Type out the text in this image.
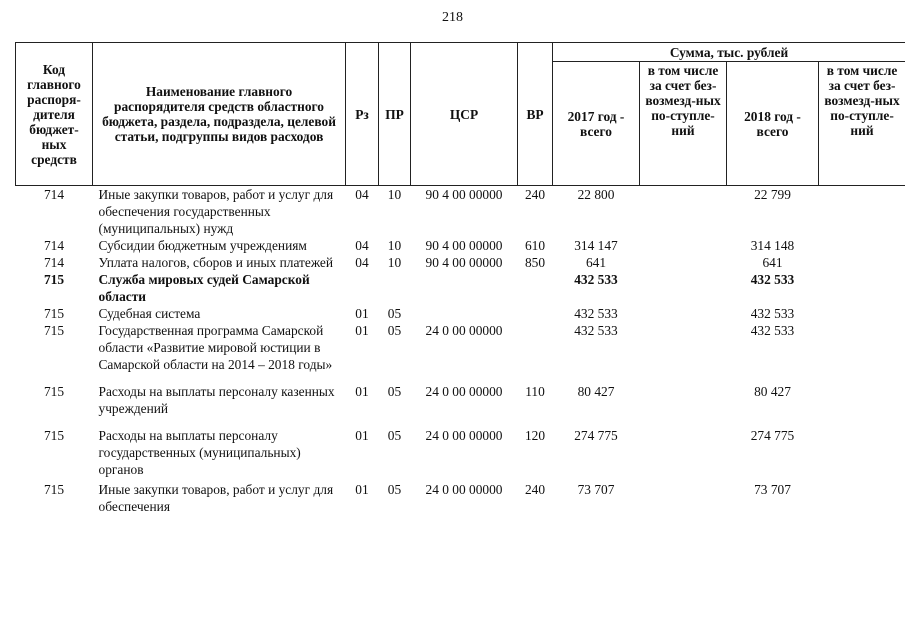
218
Код главного распоря-дителя бюджет-ных средств	Наименование главного распорядителя средств областного бюджета, раздела, подраздела, целевой статьи, подгруппы видов расходов	Рз	ПР	ЦСР	ВР	Сумма, тыс. рублей			
						2017 год - всего	в том числе за счет без-возмезд-ных по-ступле-ний	2018 год - всего	в том числе за счет без-возмезд-ных по-ступле-ний
714	Иные закупки товаров, работ и услуг для обеспечения государственных (муниципальных) нужд	04	10	90 4 00 00000	240	22 800		22 799	
714	Субсидии бюджетным учреждениям	04	10	90 4 00 00000	610	314 147		314 148	
714	Уплата налогов, сборов и иных платежей	04	10	90 4 00 00000	850	641		641	
715	Служба мировых судей Самарской области					432 533		432 533	
715	Судебная система	01	05			432 533		432 533	
715	Государственная программа Самарской области «Развитие мировой юстиции в Самарской области на 2014 – 2018 годы»	01	05	24 0 00 00000		432 533		432 533	
715	Расходы на выплаты персоналу казенных учреждений	01	05	24 0 00 00000	110	80 427		80 427	
715	Расходы на выплаты персоналу государственных (муниципальных) органов	01	05	24 0 00 00000	120	274 775		274 775	
715	Иные закупки товаров, работ и услуг для обеспечения	01	05	24 0 00 00000	240	73 707		73 707	
